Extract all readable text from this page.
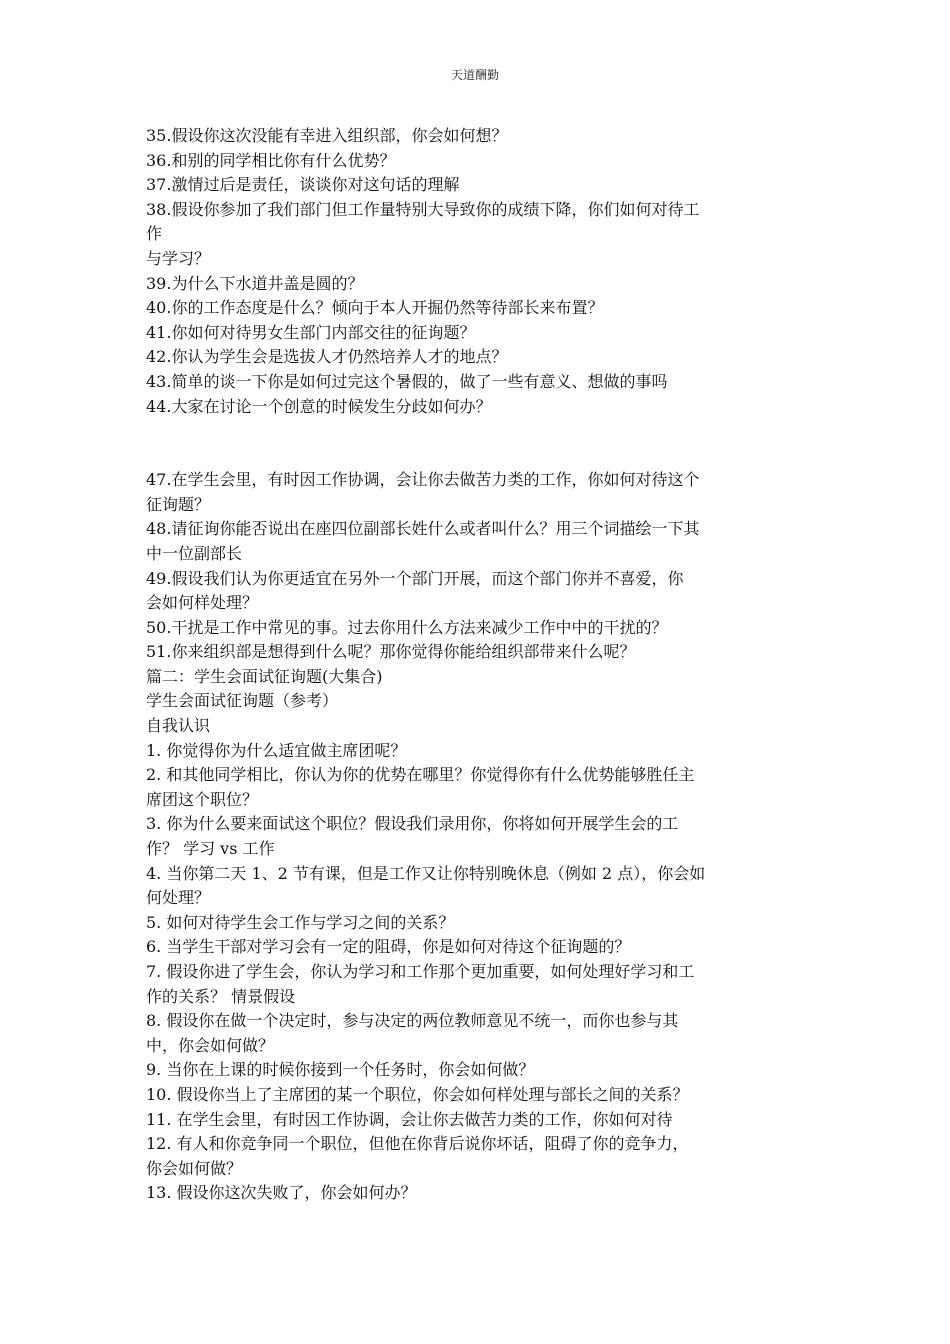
天道酬勤
35.假设你这次没能有幸进入组织部，你会如何想？
36.和别的同学相比你有什么优势？
37.激情过后是责任，谈谈你对这句话的理解
38.假设你参加了我们部门但工作量特别大导致你的成绩下降，你们如何对待工
作
与学习？
39.为什么下水道井盖是圆的？
40.你的工作态度是什么？倾向于本人开掘仍然等待部长来布置？
41.你如何对待男女生部门内部交往的征询题？
42.你认为学生会是选拔人才仍然培养人才的地点？
43.简单的谈一下你是如何过完这个暑假的，做了一些有意义、想做的事吗
44.大家在讨论一个创意的时候发生分歧如何办？
47.在学生会里，有时因工作协调，会让你去做苦力类的工作，你如何对待这个
征询题？
48.请征询你能否说出在座四位副部长姓什么或者叫什么？用三个词描绘一下其
中一位副部长
49.假设我们认为你更适宜在另外一个部门开展，而这个部门你并不喜爱，你
会如何样处理？
50.干扰是工作中常见的事。过去你用什么方法来减少工作中中的干扰的？
51.你来组织部是想得到什么呢？那你觉得你能给组织部带来什么呢？
篇二：学生会面试征询题(大集合)
学生会面试征询题（参考）
自我认识
1. 你觉得你为什么适宜做主席团呢？
2. 和其他同学相比，你认为你的优势在哪里？你觉得你有什么优势能够胜任主
席团这个职位？
3. 你为什么要来面试这个职位？假设我们录用你，你将如何开展学生会的工
作？ 学习 vs 工作
4. 当你第二天 1、2 节有课，但是工作又让你特别晚休息（例如 2 点），你会如
何处理？
5. 如何对待学生会工作与学习之间的关系？
6. 当学生干部对学习会有一定的阻碍，你是如何对待这个征询题的？
7. 假设你进了学生会，你认为学习和工作那个更加重要，如何处理好学习和工
作的关系？ 情景假设
8. 假设你在做一个决定时，参与决定的两位教师意见不统一，而你也参与其
中，你会如何做？
9. 当你在上课的时候你接到一个任务时，你会如何做？
10. 假设你当上了主席团的某一个职位，你会如何样处理与部长之间的关系？
11. 在学生会里，有时因工作协调，会让你去做苦力类的工作，你如何对待
12. 有人和你竞争同一个职位，但他在你背后说你坏话，阻碍了你的竞争力，
你会如何做？
13. 假设你这次失败了，你会如何办？
